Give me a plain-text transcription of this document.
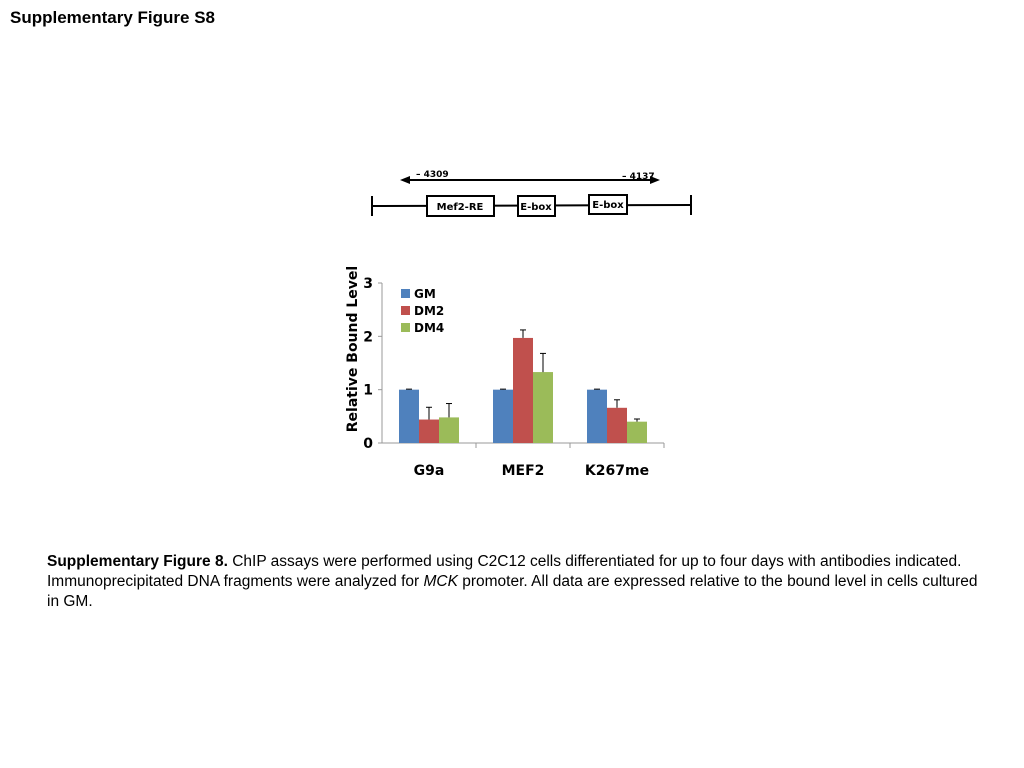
Supplementary Figure S8
– 4309	– 4137
Mef2-RE	E-box	E-box
0
1
2
3
Relative Bound Level
G9a	MEF2	K267me
GM
DM2
DM4
Supplementary Figure 8. ChIP assays were performed using C2C12 cells differentiated for up to four days with antibodies indicated. Immunoprecipitated DNA fragments were analyzed for MCK promoter. All data are expressed relative to the bound level in cells cultured in GM.
